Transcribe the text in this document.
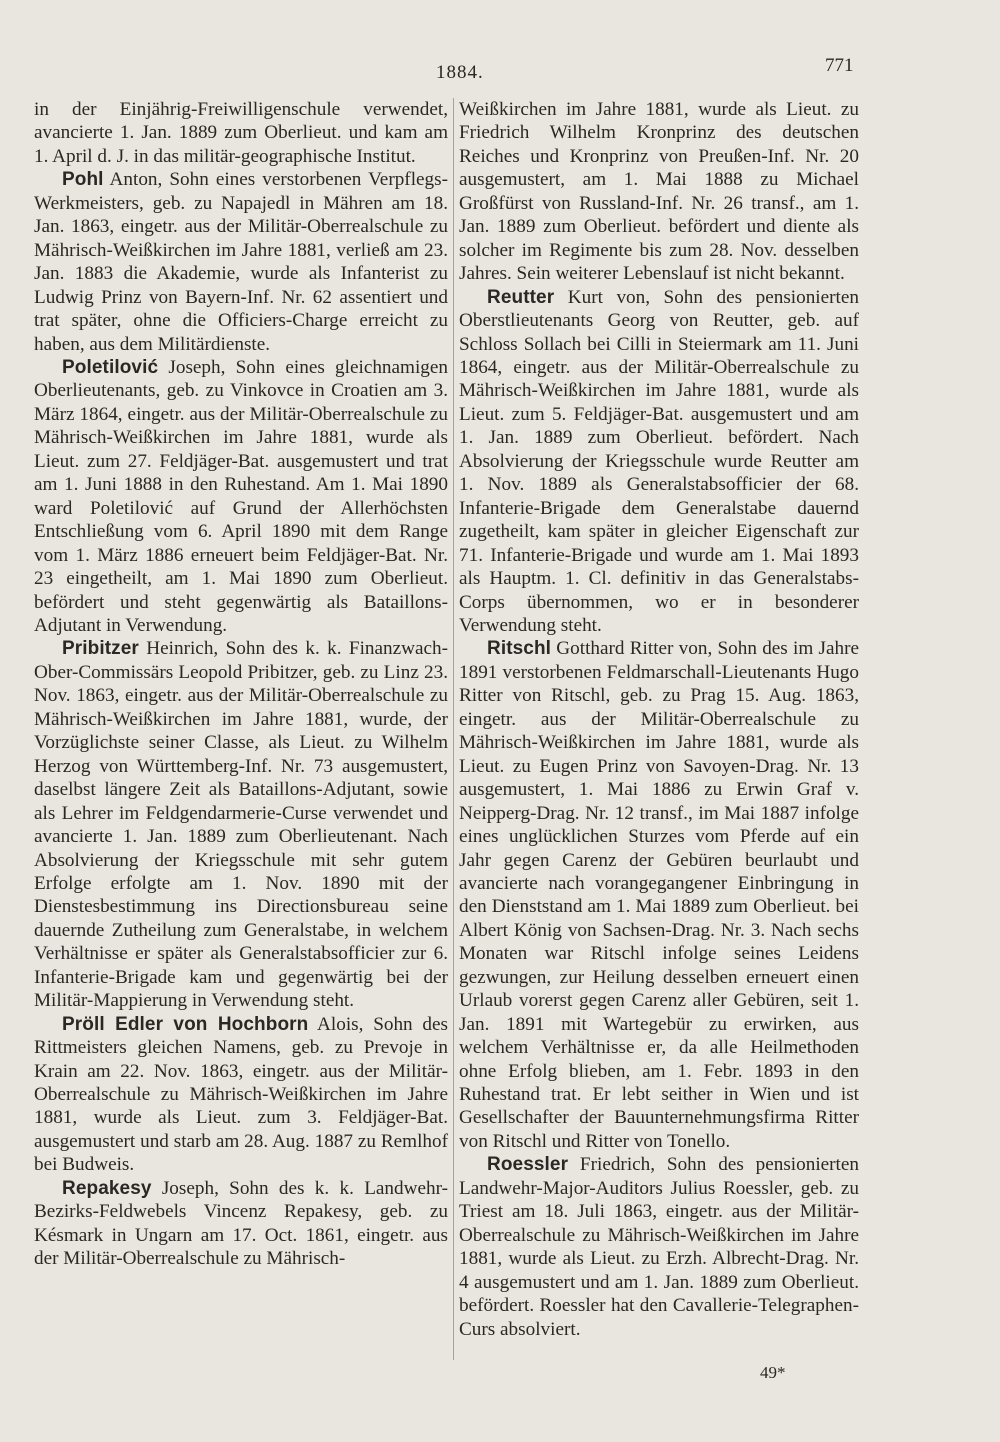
1884.	771

in der Einjährig-Freiwilligenschule verwendet, avancierte 1. Jan. 1889 zum Oberlieut. und kam am 1. April d. J. in das militär-geographische Institut.

Pohl Anton, Sohn eines verstorbenen Verpflegs-Werkmeisters, geb. zu Napajedl in Mähren am 18. Jan. 1863, eingetr. aus der Militär-Oberrealschule zu Mährisch-Weißkirchen im Jahre 1881, verließ am 23. Jan. 1883 die Akademie, wurde als Infanterist zu Ludwig Prinz von Bayern-Inf. Nr. 62 assentiert und trat später, ohne die Officiers-Charge erreicht zu haben, aus dem Militärdienste.

Poletilović Joseph, Sohn eines gleichnamigen Oberlieutenants, geb. zu Vinkovce in Croatien am 3. März 1864, eingetr. aus der Militär-Oberrealschule zu Mährisch-Weißkirchen im Jahre 1881, wurde als Lieut. zum 27. Feldjäger-Bat. ausgemustert und trat am 1. Juni 1888 in den Ruhestand. Am 1. Mai 1890 ward Poletilović auf Grund der Allerhöchsten Entschließung vom 6. April 1890 mit dem Range vom 1. März 1886 erneuert beim Feldjäger-Bat. Nr. 23 eingetheilt, am 1. Mai 1890 zum Oberlieut. befördert und steht gegenwärtig als Bataillons-Adjutant in Verwendung.

Pribitzer Heinrich, Sohn des k. k. Finanzwach-Ober-Commissärs Leopold Pribitzer, geb. zu Linz 23. Nov. 1863, eingetr. aus der Militär-Oberrealschule zu Mährisch-Weißkirchen im Jahre 1881, wurde, der Vorzüglichste seiner Classe, als Lieut. zu Wilhelm Herzog von Württemberg-Inf. Nr. 73 ausgemustert, daselbst längere Zeit als Bataillons-Adjutant, sowie als Lehrer im Feldgendarmerie-Curse verwendet und avancierte 1. Jan. 1889 zum Oberlieutenant. Nach Absolvierung der Kriegsschule mit sehr gutem Erfolge erfolgte am 1. Nov. 1890 mit der Dienstesbestimmung ins Directionsbureau seine dauernde Zutheilung zum Generalstabe, in welchem Verhältnisse er später als Generalstabsofficier zur 6. Infanterie-Brigade kam und gegenwärtig bei der Militär-Mappierung in Verwendung steht.

Pröll Edler von Hochborn Alois, Sohn des Rittmeisters gleichen Namens, geb. zu Prevoje in Krain am 22. Nov. 1863, eingetr. aus der Militär-Oberrealschule zu Mährisch-Weißkirchen im Jahre 1881, wurde als Lieut. zum 3. Feldjäger-Bat. ausgemustert und starb am 28. Aug. 1887 zu Remlhof bei Budweis.

Repakesy Joseph, Sohn des k. k. Landwehr-Bezirks-Feldwebels Vincenz Repakesy, geb. zu Késmark in Ungarn am 17. Oct. 1861, eingetr. aus der Militär-Oberrealschule zu Mährisch-

Weißkirchen im Jahre 1881, wurde als Lieut. zu Friedrich Wilhelm Kronprinz des deutschen Reiches und Kronprinz von Preußen-Inf. Nr. 20 ausgemustert, am 1. Mai 1888 zu Michael Großfürst von Russland-Inf. Nr. 26 transf., am 1. Jan. 1889 zum Oberlieut. befördert und diente als solcher im Regimente bis zum 28. Nov. desselben Jahres. Sein weiterer Lebenslauf ist nicht bekannt.

Reutter Kurt von, Sohn des pensionierten Oberstlieutenants Georg von Reutter, geb. auf Schloss Sollach bei Cilli in Steiermark am 11. Juni 1864, eingetr. aus der Militär-Oberrealschule zu Mährisch-Weißkirchen im Jahre 1881, wurde als Lieut. zum 5. Feldjäger-Bat. ausgemustert und am 1. Jan. 1889 zum Oberlieut. befördert. Nach Absolvierung der Kriegsschule wurde Reutter am 1. Nov. 1889 als Generalstabsofficier der 68. Infanterie-Brigade dem Generalstabe dauernd zugetheilt, kam später in gleicher Eigenschaft zur 71. Infanterie-Brigade und wurde am 1. Mai 1893 als Hauptm. 1. Cl. definitiv in das Generalstabs-Corps übernommen, wo er in besonderer Verwendung steht.

Ritschl Gotthard Ritter von, Sohn des im Jahre 1891 verstorbenen Feldmarschall-Lieutenants Hugo Ritter von Ritschl, geb. zu Prag 15. Aug. 1863, eingetr. aus der Militär-Oberrealschule zu Mährisch-Weißkirchen im Jahre 1881, wurde als Lieut. zu Eugen Prinz von Savoyen-Drag. Nr. 13 ausgemustert, 1. Mai 1886 zu Erwin Graf v. Neipperg-Drag. Nr. 12 transf., im Mai 1887 infolge eines unglücklichen Sturzes vom Pferde auf ein Jahr gegen Carenz der Gebüren beurlaubt und avancierte nach vorangegangener Einbringung in den Dienststand am 1. Mai 1889 zum Oberlieut. bei Albert König von Sachsen-Drag. Nr. 3. Nach sechs Monaten war Ritschl infolge seines Leidens gezwungen, zur Heilung desselben erneuert einen Urlaub vorerst gegen Carenz aller Gebüren, seit 1. Jan. 1891 mit Wartegebür zu erwirken, aus welchem Verhältnisse er, da alle Heilmethoden ohne Erfolg blieben, am 1. Febr. 1893 in den Ruhestand trat. Er lebt seither in Wien und ist Gesellschafter der Bauunternehmungsfirma Ritter von Ritschl und Ritter von Tonello.

Roessler Friedrich, Sohn des pensionierten Landwehr-Major-Auditors Julius Roessler, geb. zu Triest am 18. Juli 1863, eingetr. aus der Militär-Oberrealschule zu Mährisch-Weißkirchen im Jahre 1881, wurde als Lieut. zu Erzh. Albrecht-Drag. Nr. 4 ausgemustert und am 1. Jan. 1889 zum Oberlieut. befördert. Roessler hat den Cavallerie-Telegraphen-Curs absolviert.

49*
